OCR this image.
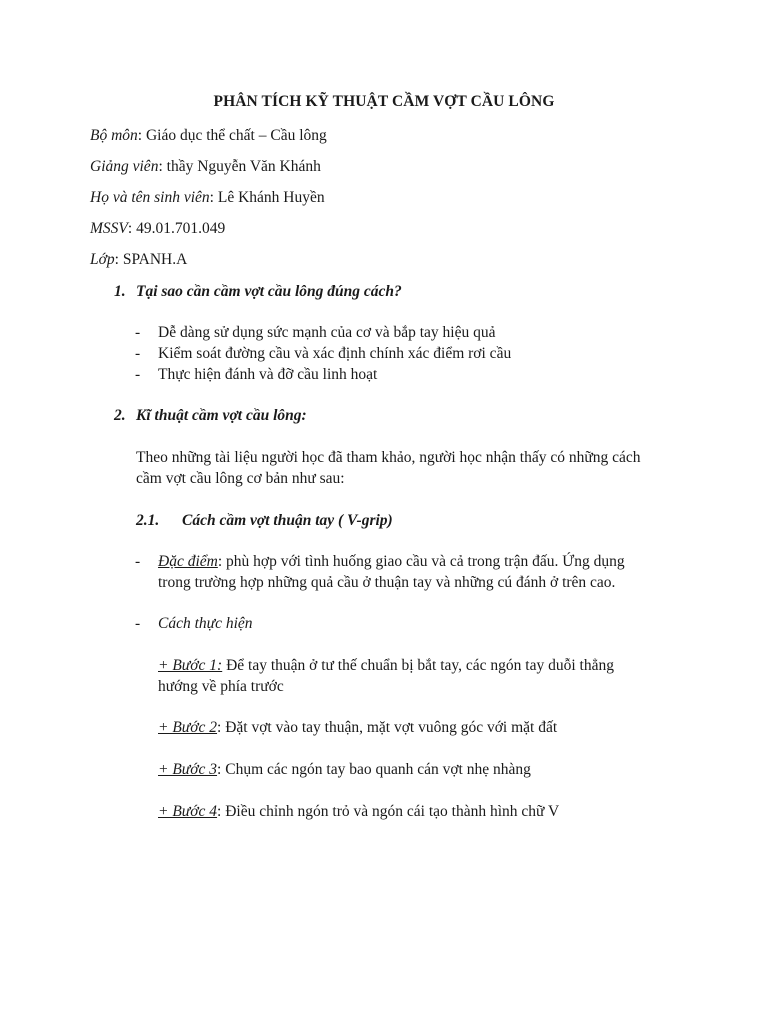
PHÂN TÍCH KỸ THUẬT CẦM VỢT CẦU LÔNG
Bộ môn: Giáo dục thể chất – Cầu lông
Giảng viên: thầy Nguyễn Văn Khánh
Họ và tên sinh viên: Lê Khánh Huyền
MSSV: 49.01.701.049
Lớp: SPANH.A
1. Tại sao cần cầm vợt cầu lông đúng cách?
- Dễ dàng sử dụng sức mạnh của cơ và bắp tay hiệu quả
- Kiểm soát đường cầu và xác định chính xác điểm rơi cầu
- Thực hiện đánh và đỡ cầu linh hoạt
2. Kĩ thuật cầm vợt cầu lông:
Theo những tài liệu người học đã tham khảo, người học nhận thấy có những cách
cầm vợt cầu lông cơ bản như sau:
2.1. Cách cầm vợt thuận tay ( V-grip)
- Đặc điểm: phù hợp với tình huống giao cầu và cả trong trận đấu. Ứng dụng
trong trường hợp những quả cầu ở thuận tay và những cú đánh ở trên cao.
- Cách thực hiện
+ Bước 1: Để tay thuận ở tư thế chuẩn bị bắt tay, các ngón tay duỗi thẳng
hướng về phía trước
+ Bước 2: Đặt vợt vào tay thuận, mặt vợt vuông góc với mặt đất
+ Bước 3: Chụm các ngón tay bao quanh cán vợt nhẹ nhàng
+ Bước 4: Điều chỉnh ngón trỏ và ngón cái tạo thành hình chữ V
